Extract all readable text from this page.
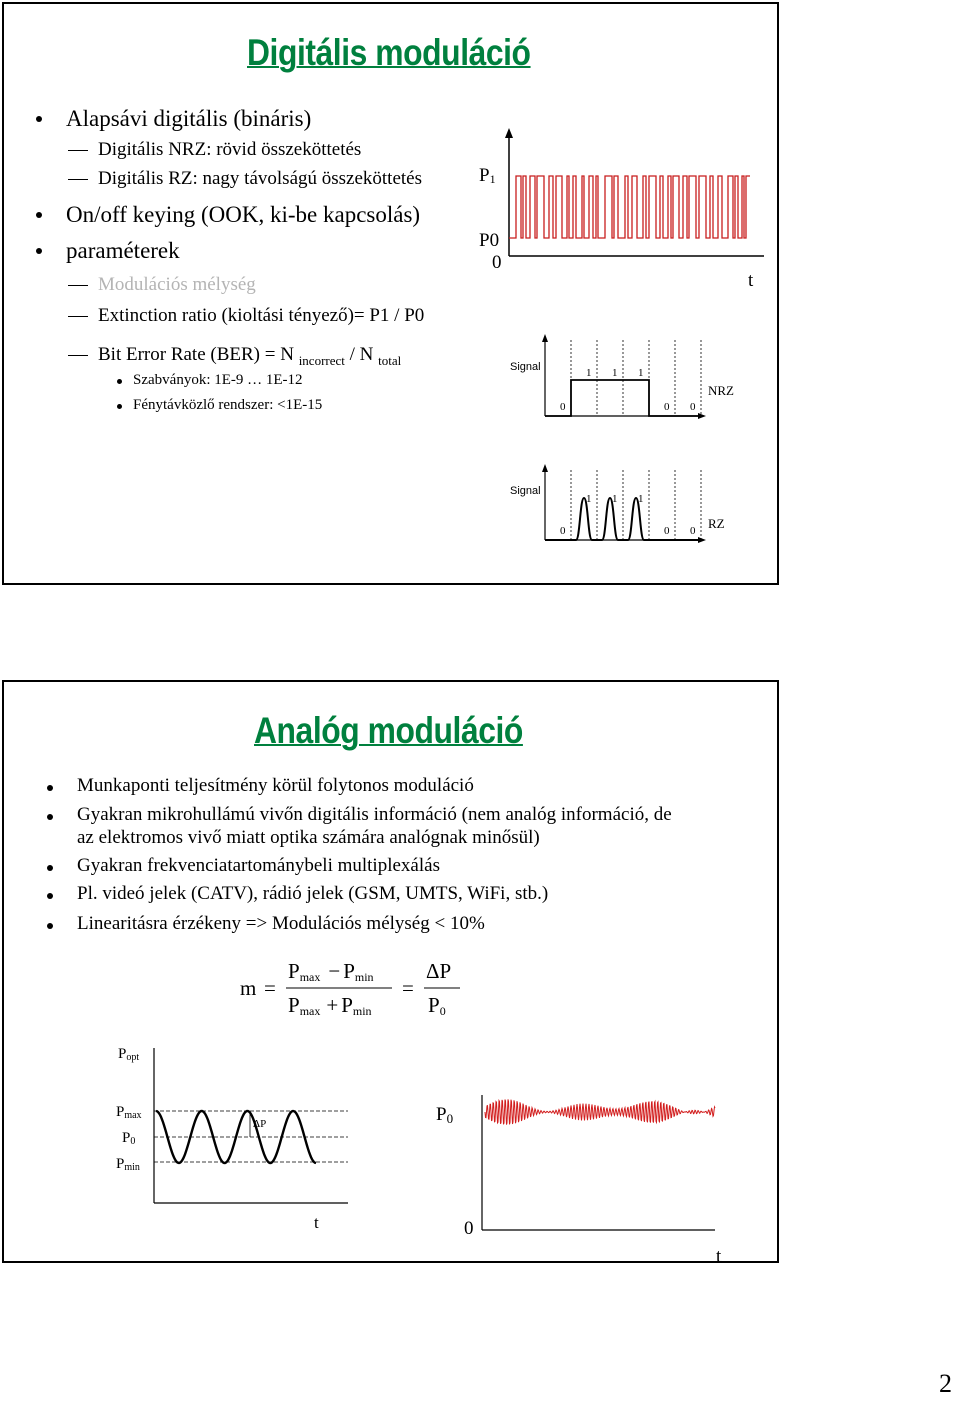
Digitális moduláció
Alapsávi digitális (bináris)
Digitális NRZ: rövid összeköttetés
Digitális RZ: nagy távolságú összeköttetés
On/off keying (OOK, ki-be kapcsolás)
paraméterek
Modulációs mélység
Extinction ratio (kioltási tényező)= P1 / P0
Bit Error Rate (BER) = N $_{incorrect}$ / N $_{total}$
Szabványok: 1E-9 … 1E-12
Fénytávközlő rendszer: <1E-15
P1
P0
0
t
Signal
0
1 1 1
0 0
NRZ
Signal
0
1 1 1
0 0 RZ
Analóg moduláció
Munkaponti teljesítmény körül folytonos moduláció
Gyakran mikrohullámú vivőn digitális információ (nem analóg információ, de
az elektromos vivő miatt optika számára analógnak minősül)
Gyakran frekvenciatartománybeli multiplexálás
Pl. videó jelek (CATV), rádió jelek (GSM, UMTS, WiFi, stb.)
Linearitásra érzékeny => Modulációs mélység < 10%
m =
Pmax − Pmin
Pmax + Pmin
=
ΔP
P0
Popt
Pmax
P0
Pmin
ΔP
t
P0
0
t
2
